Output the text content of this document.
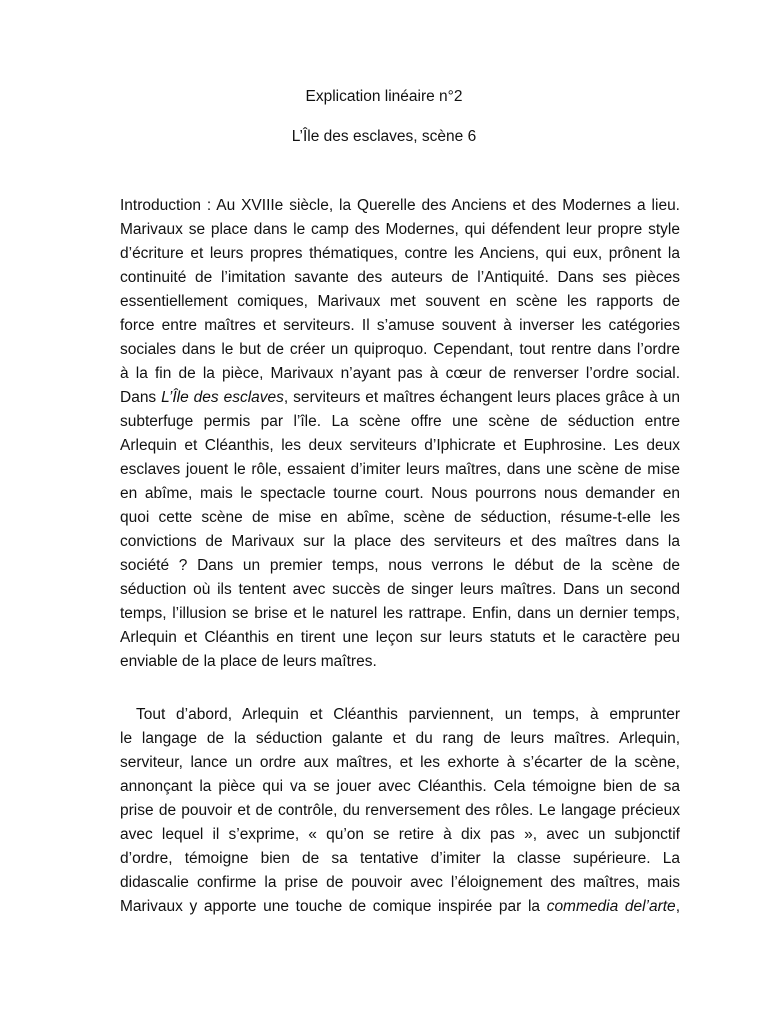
Explication linéaire n°2
L’Île des esclaves, scène 6
Introduction : Au XVIIIe siècle, la Querelle des Anciens et des Modernes a lieu.
Marivaux se place dans le camp des Modernes, qui défendent leur propre style
d’écriture et leurs propres thématiques, contre les Anciens, qui eux, prônent la
continuité de l’imitation savante des auteurs de l’Antiquité. Dans ses pièces
essentiellement comiques, Marivaux met souvent en scène les rapports de
force entre maîtres et serviteurs. Il s’amuse souvent à inverser les catégories
sociales dans le but de créer un quiproquo. Cependant, tout rentre dans l’ordre
à la fin de la pièce, Marivaux n’ayant pas à cœur de renverser l’ordre social.
Dans L’Île des esclaves, serviteurs et maîtres échangent leurs places grâce à un
subterfuge permis par l’île. La scène offre une scène de séduction entre
Arlequin et Cléanthis, les deux serviteurs d’Iphicrate et Euphrosine. Les deux
esclaves jouent le rôle, essaient d’imiter leurs maîtres, dans une scène de mise
en abîme, mais le spectacle tourne court. Nous pourrons nous demander en
quoi cette scène de mise en abîme, scène de séduction, résume-t-elle les
convictions de Marivaux sur la place des serviteurs et des maîtres dans la
société ? Dans un premier temps, nous verrons le début de la scène de
séduction où ils tentent avec succès de singer leurs maîtres. Dans un second
temps, l’illusion se brise et le naturel les rattrape. Enfin, dans un dernier temps,
Arlequin et Cléanthis en tirent une leçon sur leurs statuts et le caractère peu
enviable de la place de leurs maîtres.
Tout d’abord, Arlequin et Cléanthis parviennent, un temps, à emprunter
le langage de la séduction galante et du rang de leurs maîtres. Arlequin,
serviteur, lance un ordre aux maîtres, et les exhorte à s’écarter de la scène,
annonçant la pièce qui va se jouer avec Cléanthis. Cela témoigne bien de sa
prise de pouvoir et de contrôle, du renversement des rôles. Le langage précieux
avec lequel il s’exprime, « qu’on se retire à dix pas », avec un subjonctif
d’ordre, témoigne bien de sa tentative d’imiter la classe supérieure. La
didascalie confirme la prise de pouvoir avec l’éloignement des maîtres, mais
Marivaux y apporte une touche de comique inspirée par la commedia del’arte,
